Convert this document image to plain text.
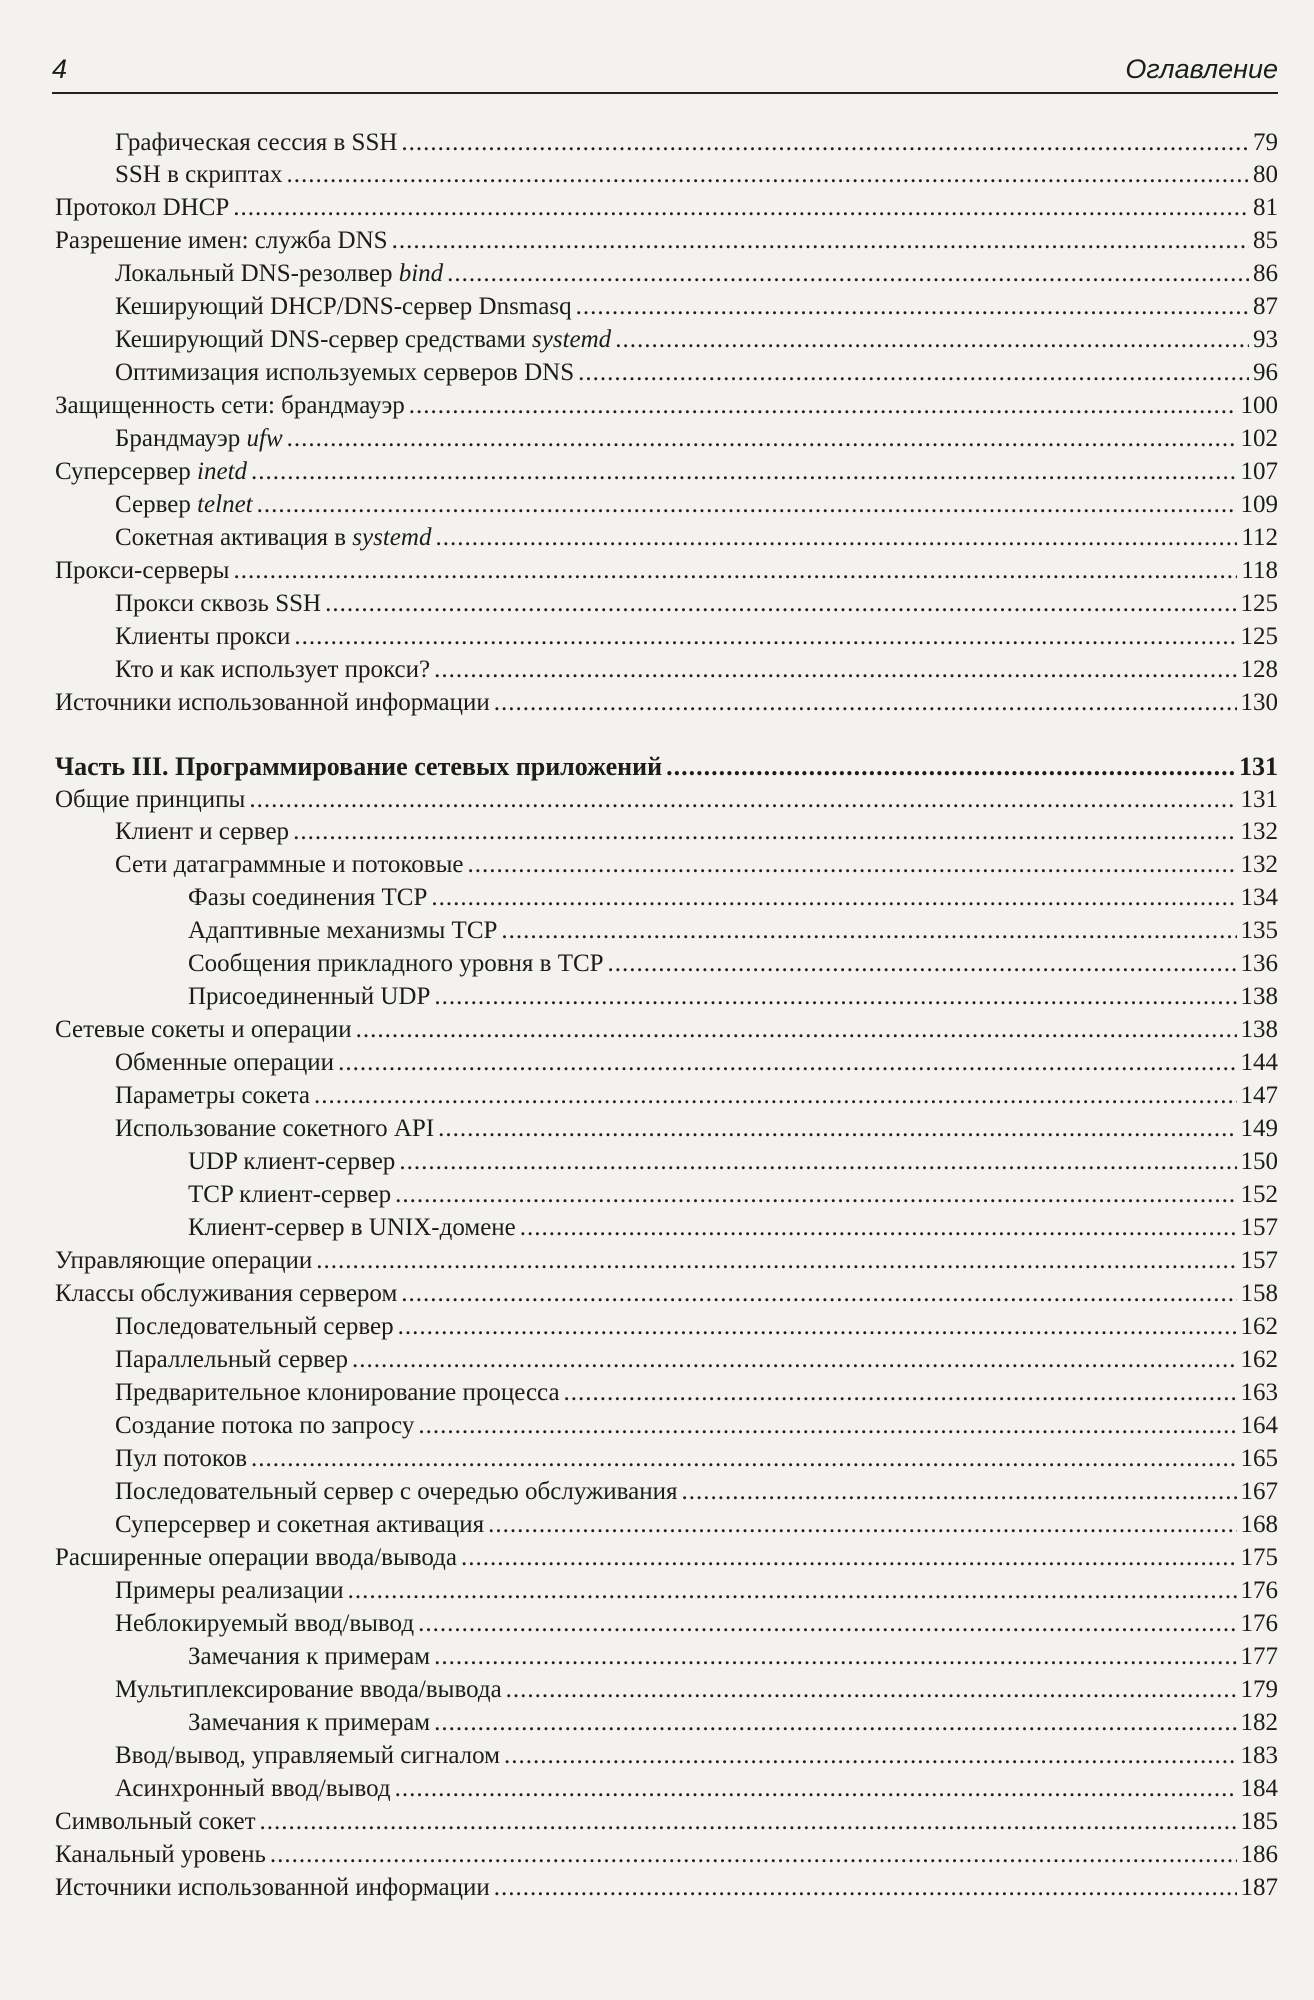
4	Оглавление
Графическая сессия в SSH .....	79
SSH в скриптах .....	80
Протокол DHCP .....	81
Разрешение имен: служба DNS .....	85
Локальный DNS-резолвер bind .....	86
Кеширующий DHCP/DNS-сервер Dnsmasq .....	87
Кеширующий DNS-сервер средствами systemd .....	93
Оптимизация используемых серверов DNS .....	96
Защищенность сети: брандмауэр .....	100
Брандмауэр ufw .....	102
Суперсервер inetd .....	107
Сервер telnet .....	109
Сокетная активация в systemd .....	112
Прокси-серверы .....	118
Прокси сквозь SSH .....	125
Клиенты прокси .....	125
Кто и как использует прокси? .....	128
Источники использованной информации .....	130
Часть III. Программирование сетевых приложений .....	131
Общие принципы .....	131
Клиент и сервер .....	132
Сети датаграммные и потоковые .....	132
Фазы соединения TCP .....	134
Адаптивные механизмы TCP .....	135
Сообщения прикладного уровня в TCP .....	136
Присоединенный UDP .....	138
Сетевые сокеты и операции .....	138
Обменные операции .....	144
Параметры сокета .....	147
Использование сокетного API .....	149
UDP клиент-сервер .....	150
TCP клиент-сервер .....	152
Клиент-сервер в UNIX-домене .....	157
Управляющие операции .....	157
Классы обслуживания сервером .....	158
Последовательный сервер .....	162
Параллельный сервер .....	162
Предварительное клонирование процесса .....	163
Создание потока по запросу .....	164
Пул потоков .....	165
Последовательный сервер с очередью обслуживания .....	167
Суперсервер и сокетная активация .....	168
Расширенные операции ввода/вывода .....	175
Примеры реализации .....	176
Неблокируемый ввод/вывод .....	176
Замечания к примерам .....	177
Мультиплексирование ввода/вывода .....	179
Замечания к примерам .....	182
Ввод/вывод, управляемый сигналом .....	183
Асинхронный ввод/вывод .....	184
Символьный сокет .....	185
Канальный уровень .....	186
Источники использованной информации .....	187
